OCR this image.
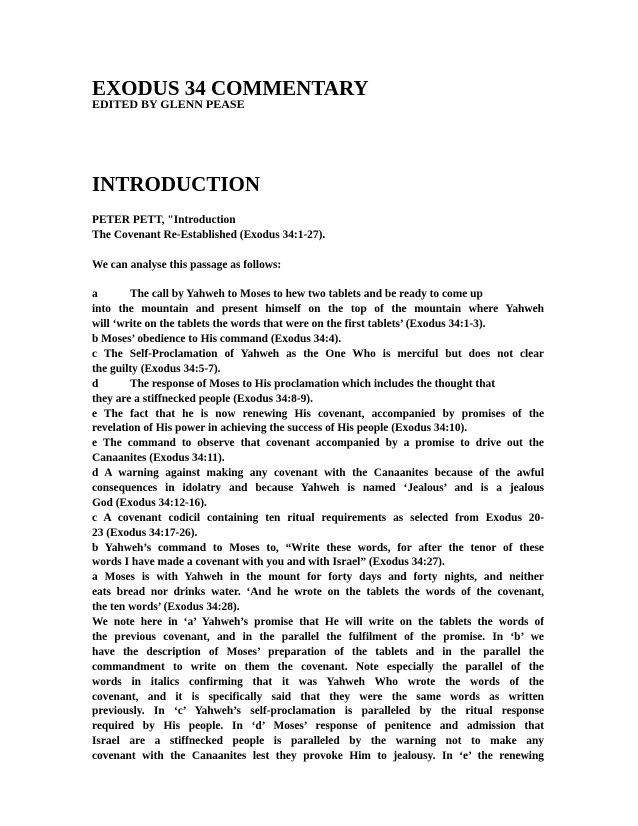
EXODUS 34 COMMENTARY
EDITED BY GLENN PEASE
INTRODUCTION
PETER PETT, "Introduction
The Covenant Re-Established (Exodus 34:1-27).
We can analyse this passage as follows:
a	The call by Yahweh to Moses to hew two tablets and be ready to come up
into the mountain and present himself on the top of the mountain where Yahweh
will ‘write on the tablets the words that were on the first tablets’ (Exodus 34:1-3).
b Moses’ obedience to His command (Exodus 34:4).
c The Self-Proclamation of Yahweh as the One Who is merciful but does not clear
the guilty (Exodus 34:5-7).
d	The response of Moses to His proclamation which includes the thought that
they are a stiffnecked people (Exodus 34:8-9).
e The fact that he is now renewing His covenant, accompanied by promises of the
revelation of His power in achieving the success of His people (Exodus 34:10).
e The command to observe that covenant accompanied by a promise to drive out the
Canaanites (Exodus 34:11).
d A warning against making any covenant with the Canaanites because of the awful
consequences in idolatry and because Yahweh is named ‘Jealous’ and is a jealous
God (Exodus 34:12-16).
c A covenant codicil containing ten ritual requirements as selected from Exodus 20-
23 (Exodus 34:17-26).
b Yahweh’s command to Moses to, “Write these words, for after the tenor of these
words I have made a covenant with you and with Israel” (Exodus 34:27).
a Moses is with Yahweh in the mount for forty days and forty nights, and neither
eats bread nor drinks water. ‘And he wrote on the tablets the words of the covenant,
the ten words’ (Exodus 34:28).
We note here in ‘a’ Yahweh’s promise that He will write on the tablets the words of
the previous covenant, and in the parallel the fulfilment of the promise. In ‘b’ we
have the description of Moses’ preparation of the tablets and in the parallel the
commandment to write on them the covenant. Note especially the parallel of the
words in italics confirming that it was Yahweh Who wrote the words of the
covenant, and it is specifically said that they were the same words as written
previously. In ‘c’ Yahweh’s self-proclamation is paralleled by the ritual response
required by His people. In ‘d’ Moses’ response of penitence and admission that
Israel are a stiffnecked people is paralleled by the warning not to make any
covenant with the Canaanites lest they provoke Him to jealousy. In ‘e’ the renewing
